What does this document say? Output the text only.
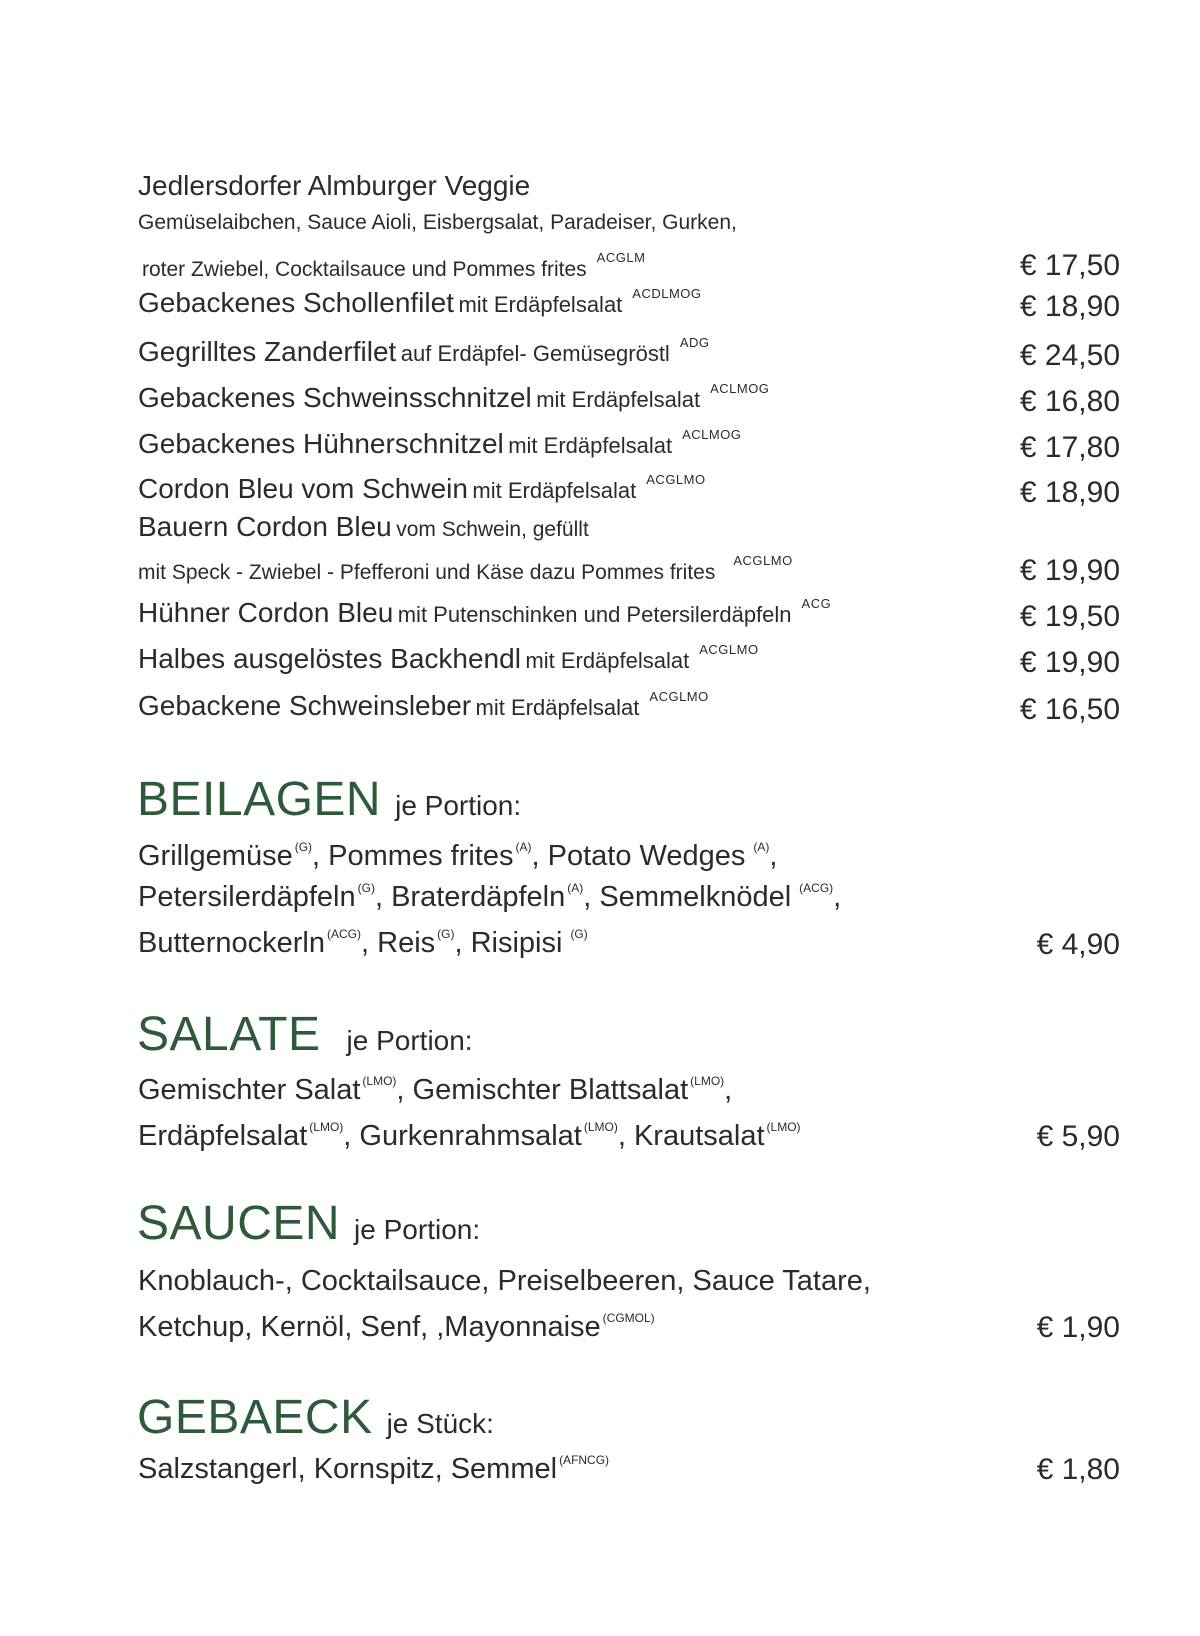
Jedlersdorfer Almburger Veggie
Gemüselaibchen, Sauce Aioli, Eisbergsalat, Paradeiser, Gurken,
roter Zwiebel, Cocktailsauce und Pommes frites$^{ACGLM}$	€ 17,50
Gebackenes Schollenfilet mit Erdäpfelsalat $^{ACDLMOG}$	€ 18,90
Gegrilltes Zanderfilet auf Erdäpfel- Gemüsegröstl $^{ADG}$	€ 24,50
Gebackenes Schweinsschnitzel mit Erdäpfelsalat $^{ACLMOG}$	€ 16,80
Gebackenes Hühnerschnitzel mit Erdäpfelsalat $^{ACLMOG}$	€ 17,80
Cordon Bleu vom Schwein mit Erdäpfelsalat $^{ACGLMO}$	€ 18,90
Bauern Cordon Bleu vom Schwein, gefüllt
mit Speck - Zwiebel - Pfefferoni und Käse dazu Pommes frites$^{ACGLMO}$	€ 19,90
Hühner Cordon Bleu mit Putenschinken und Petersilerdäpfeln $^{ACG}$	€ 19,50
Halbes ausgelöstes Backhendl mit Erdäpfelsalat $^{ACGLMO}$	€ 19,90
Gebackene Schweinsleber mit Erdäpfelsalat $^{ACGLMO}$	€ 16,50
BEILAGEN je Portion:
Grillgemüse $^{(G)}$, Pommes frites $^{(A)}$, Potato Wedges $^{(A)}$,
Petersilerdäpfeln $^{(G)}$, Braterdäpfeln $^{(A)}$, Semmelknödel $^{(ACG)}$,
Butternockerln $^{(ACG)}$, Reis $^{(G)}$, Risipisi $^{(G)}$	€ 4,90
SALATE je Portion:
Gemischter Salat $^{(LMO)}$, Gemischter Blattsalat $^{(LMO)}$,
Erdäpfelsalat $^{(LMO)}$, Gurkenrahmsalat $^{(LMO)}$, Krautsalat $^{(LMO)}$	€ 5,90
SAUCEN je Portion:
Knoblauch-, Cocktailsauce, Preiselbeeren, Sauce Tatare,
Ketchup, Kernöl, Senf, ,Mayonnaise $^{(CGMOL)}$	€ 1,90
GEBAECK je Stück:
Salzstangerl, Kornspitz, Semmel $^{(AFNCG)}$	€ 1,80
